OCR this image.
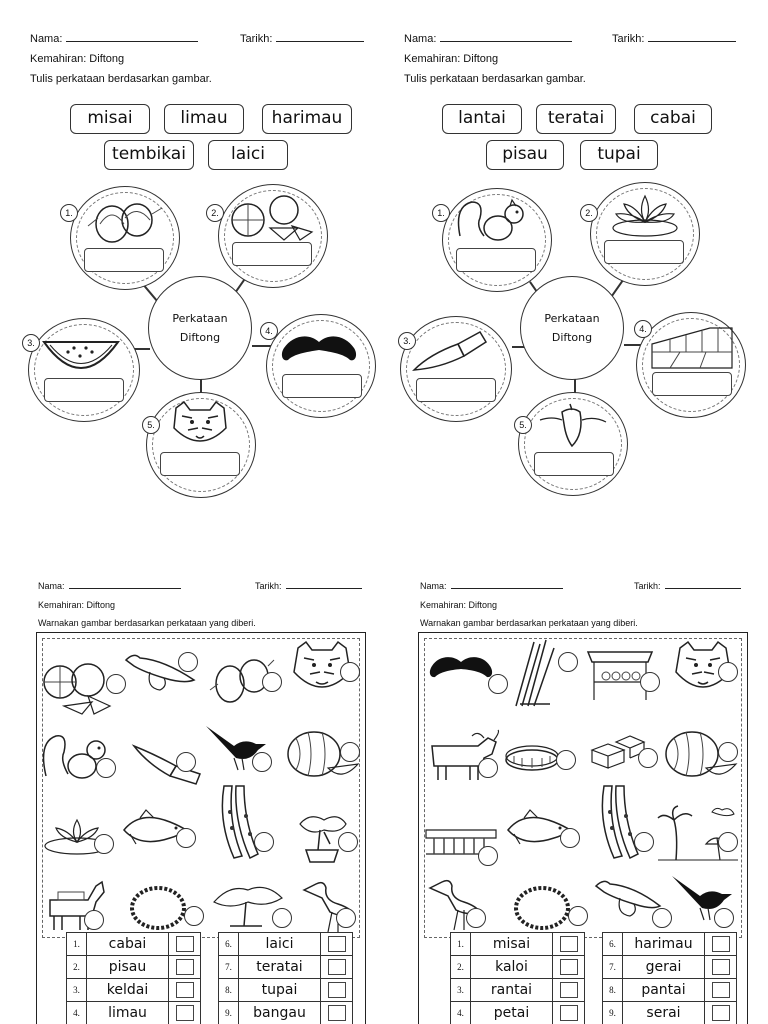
Nama:	Tarikh:
Kemahiran: Diftong
Tulis perkataan berdasarkan gambar.
misai	limau	harimau
tembikai	laici
1.	2.
3.
Perkataan
Diftong	4.
5.
Nama:	Tarikh:
Kemahiran: Diftong
Tulis perkataan berdasarkan gambar.
lantai	teratai	cabai
pisau	tupai
1.	2.
3.
Perkataan
Diftong
4.
5.
Nama:	Tarikh:
Kemahiran: Diftong
Warnakan gambar berdasarkan perkataan yang diberi.
1.	cabai	

2.	pisau	

3.	keldai	

4.	limau	
6.	laici	

7.	teratai	

8.	tupai	

9.	bangau	
Nama:	Tarikh:
Kemahiran: Diftong
Warnakan gambar berdasarkan perkataan yang diberi.
1.	misai	

2.	kaloi	

3.	rantai	

4.	petai	
6.	harimau	

7.	gerai	

8.	pantai	

9.	serai	
